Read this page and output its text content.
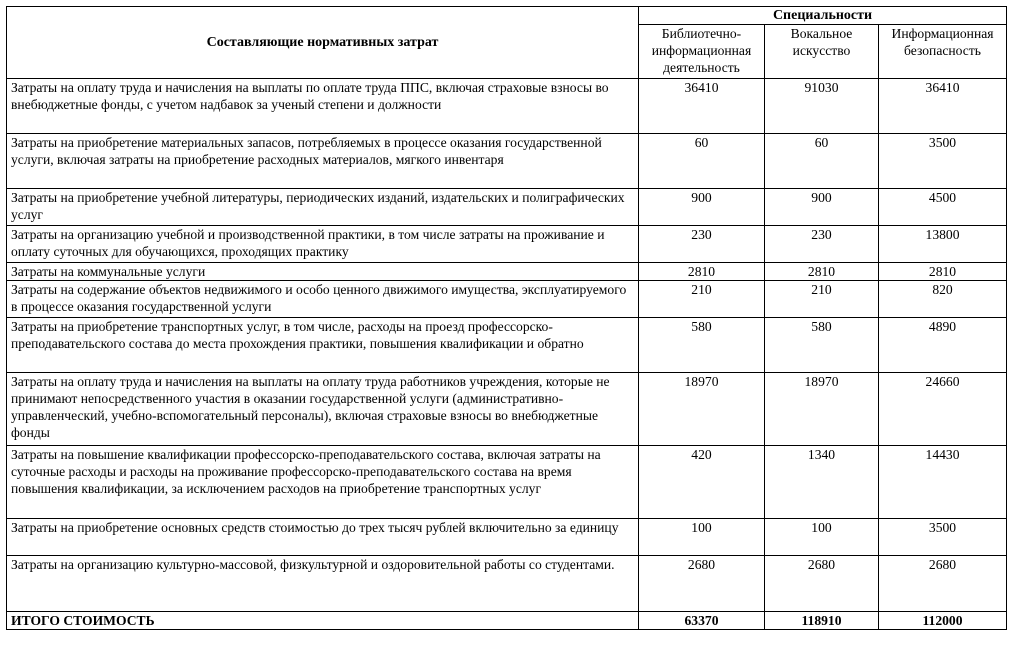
Составляющие нормативных затрат	Специальности		
	Библиотечно-информационная деятельность	Вокальное искусство	Информационная безопасность
Затраты на оплату труда и начисления на выплаты по оплате труда ППС, включая страховые взносы во внебюджетные фонды, с учетом надбавок за ученый степени и должности	36410	91030	36410
Затраты на приобретение материальных запасов, потребляемых в процессе оказания государственной услуги, включая затраты на приобретение расходных материалов, мягкого инвентаря	60	60	3500
Затраты на приобретение учебной литературы, периодических изданий, издательских и полиграфических услуг	900	900	4500
Затраты на организацию учебной и производственной практики, в том числе затраты на проживание и оплату суточных для обучающихся, проходящих практику	230	230	13800
Затраты на коммунальные услуги	2810	2810	2810
Затраты на содержание объектов недвижимого и особо ценного движимого имущества, эксплуатируемого в процессе оказания государственной услуги	210	210	820
Затраты на приобретение транспортных услуг, в том числе, расходы на проезд профессорско-преподавательского состава до места прохождения практики, повышения квалификации и обратно	580	580	4890
Затраты на оплату труда и начисления на выплаты на оплату труда работников учреждения, которые не принимают непосредственного участия в оказании государственной услуги (административно-управленческий, учебно-вспомогательный персоналы), включая страховые взносы во внебюджетные фонды	18970	18970	24660
Затраты на повышение квалификации профессорско-преподавательского состава, включая затраты на суточные расходы и расходы на проживание профессорско-преподавательского состава на время повышения квалификации, за исключением расходов на приобретение транспортных услуг	420	1340	14430
Затраты на приобретение основных средств стоимостью до трех тысяч рублей включительно за единицу	100	100	3500
Затраты на организацию культурно-массовой, физкультурной и оздоровительной работы со студентами.	2680	2680	2680
ИТОГО СТОИМОСТЬ	63370	118910	112000
